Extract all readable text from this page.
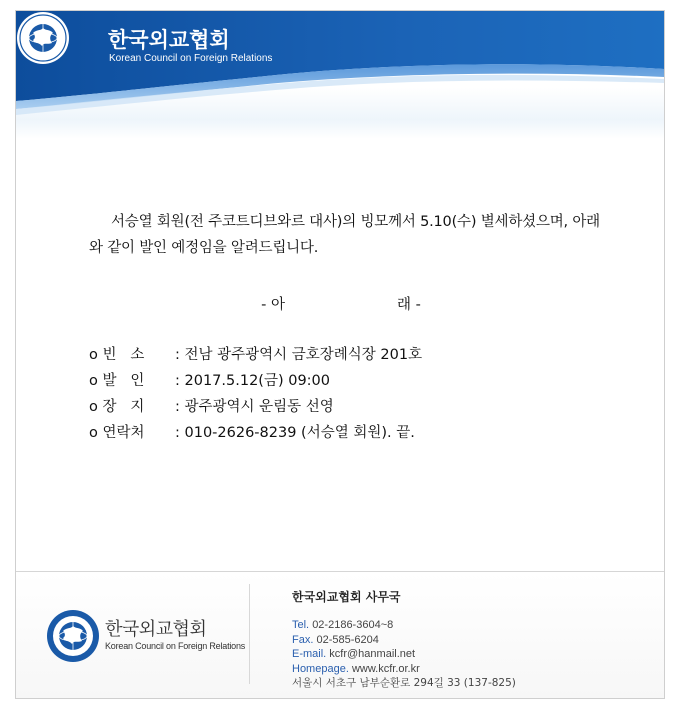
한국외교협회
Korean Council on Foreign Relations

서승열 회원(전 주코트디브와르 대사)의 빙모께서 5.10(수) 별세하셨으며, 아래와 같이 발인 예정임을 알려드립니다.

- 아	래 -
o 빈   소 : 전남 광주광역시 금호장례식장 201호
o 발   인 : 2017.5.12(금) 09:00
o 장   지 : 광주광역시 운림동 선영
o 연락처 : 010-2626-8239 (서승열 회원). 끝.
한국외교협회
Korean Council on Foreign Relations
한국외교협회 사무국
Tel. 02-2186-3604~8
Fax. 02-585-6204
E-mail. kcfr@hanmail.net
Homepage. www.kcfr.or.kr
서울시 서초구 남부순환로 294길 33 (137-825)
